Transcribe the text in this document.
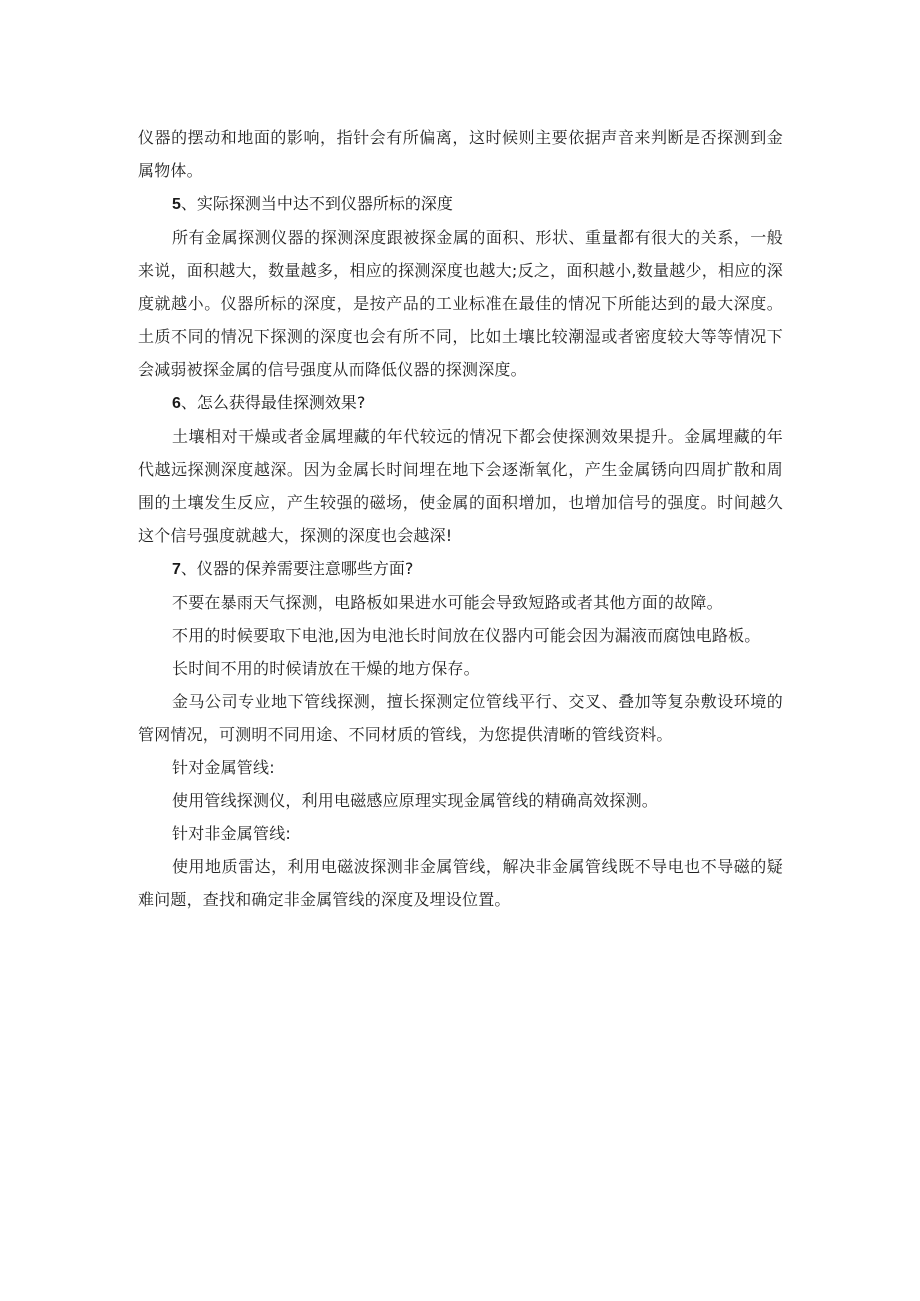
仪器的摆动和地面的影响，指针会有所偏离，这时候则主要依据声音来判断是否探测到金属物体。

5、实际探测当中达不到仪器所标的深度

所有金属探测仪器的探测深度跟被探金属的面积、形状、重量都有很大的关系，一般来说，面积越大，数量越多，相应的探测深度也越大;反之，面积越小,数量越少，相应的深度就越小。仪器所标的深度，是按产品的工业标准在最佳的情况下所能达到的最大深度。土质不同的情况下探测的深度也会有所不同，比如土壤比较潮湿或者密度较大等等情况下会减弱被探金属的信号强度从而降低仪器的探测深度。

6、怎么获得最佳探测效果?

土壤相对干燥或者金属埋藏的年代较远的情况下都会使探测效果提升。金属埋藏的年代越远探测深度越深。因为金属长时间埋在地下会逐渐氧化，产生金属锈向四周扩散和周围的土壤发生反应，产生较强的磁场，使金属的面积增加，也增加信号的强度。时间越久这个信号强度就越大，探测的深度也会越深!

7、仪器的保养需要注意哪些方面?

不要在暴雨天气探测，电路板如果进水可能会导致短路或者其他方面的故障。

不用的时候要取下电池,因为电池长时间放在仪器内可能会因为漏液而腐蚀电路板。

长时间不用的时候请放在干燥的地方保存。

金马公司专业地下管线探测，擅长探测定位管线平行、交叉、叠加等复杂敷设环境的管网情况，可测明不同用途、不同材质的管线，为您提供清晰的管线资料。

针对金属管线:

使用管线探测仪，利用电磁感应原理实现金属管线的精确高效探测。

针对非金属管线:

使用地质雷达，利用电磁波探测非金属管线，解决非金属管线既不导电也不导磁的疑难问题，查找和确定非金属管线的深度及埋设位置。
